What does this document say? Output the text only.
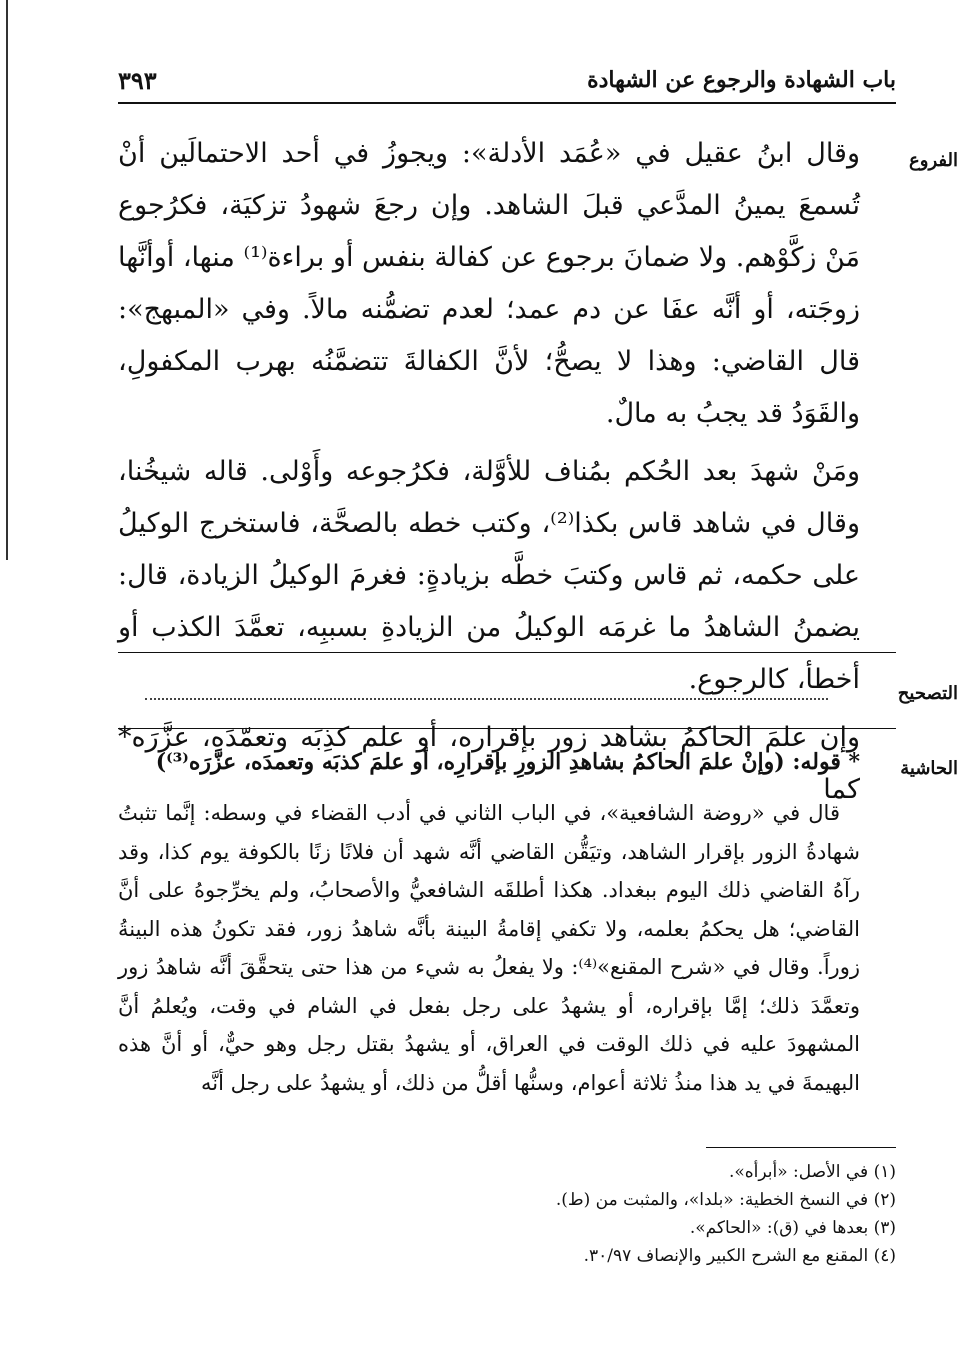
باب الشهادة والرجوع عن الشهادة
٣٩٣
الفروع

وقال ابنُ عقيل في «عُمَد الأدلة»: ويجوزُ في أحد الاحتمالَين أنْ تُسمعَ يمينُ المدَّعي قبلَ الشاهد. وإن رجعَ شهودُ تزكيَة، فكرُجوع مَنْ زكَّوْهم. ولا ضمانَ برجوع عن كفالة بنفس أو براءة⁽¹⁾ منها، أوأنَّها زوجَته، أو أنَّه عفَا عن دم عمد؛ لعدم تضمُّنه مالاً. وفي «المبهج»: قال القاضي: وهذا لا يصحُّ؛ لأنَّ الكفالةَ تتضمَّنُه بهرب المكفولِ، والقَوَدُ قد يجبُ به مالٌ.

ومَنْ شهدَ بعد الحُكم بمُناف للأوَّلة، فكرُجوعه وأَوْلى. قاله شيخُنا، وقال في شاهد قاس بكذا⁽²⁾، وكتب خطه بالصحَّة، فاستخرج الوكيلُ على حكمه، ثم قاس وكتبَ خطَّه بزيادةٍ: فغرمَ الوكيلُ الزيادة، قال: يضمنُ الشاهدُ ما غرمَه الوكيلُ من الزيادةِ بسببِه، تعمَّدَ الكذب أو أخطأ، كالرجوع.

وإن علمَ الحاكمُ بشاهد زور بإقراره، أو علم كذِبَه وتعمّدَه، عزَّرَه* كما

التصحيح
الحاشية

* قوله: (وإنْ علمَ الحاكمُ بشاهدِ الزورِ بإقرارِه، أو علمَ كذبَه وتعمدَه، عزَّرَه⁽³⁾)

قال في «روضة الشافعية»، في الباب الثاني في أدب القضاء في وسطه: إنَّما تثبتُ شهادةُ الزور بإقرار الشاهد، وتيَقُّن القاضي أنَّه شهد أن فلانًا زنًا بالكوفة يوم كذا، وقد رآهُ القاضي ذلك اليوم ببغداد. هكذا أطلقَه الشافعيُّ والأصحابُ، ولم يخرِّجوهُ على أنَّ القاضي؛ هل يحكمُ بعلمه، ولا تكفي إقامةُ البينة بأنَّه شاهدُ زور، فقد تكونُ هذه البينةُ زوراً. وقال في «شرح المقنع»⁽⁴⁾: ولا يفعلُ به شيء من هذا حتى يتحقَّقَ أنَّه شاهدُ زور وتعمَّدَ ذلك؛ إمَّا بإقراره، أو يشهدُ على رجل بفعل في الشام في وقت، ويُعلمُ أنَّ المشهودَ عليه في ذلك الوقت في العراق، أو يشهدُ بقتل رجل وهو حيٌّ، أو أنَّ هذه البهيمةَ في يد هذا منذُ ثلاثة أعوام، وسنُّها أقلُّ من ذلك، أو يشهدُ على رجل أنَّه

(١) في الأصل: «أبرأه».
(٢) في النسخ الخطية: «بلدا»، والمثبت من (ط).
(٣) بعدها في (ق): «الحاكم».
(٤) المقنع مع الشرح الكبير والإنصاف ٣٠/٩٧.
